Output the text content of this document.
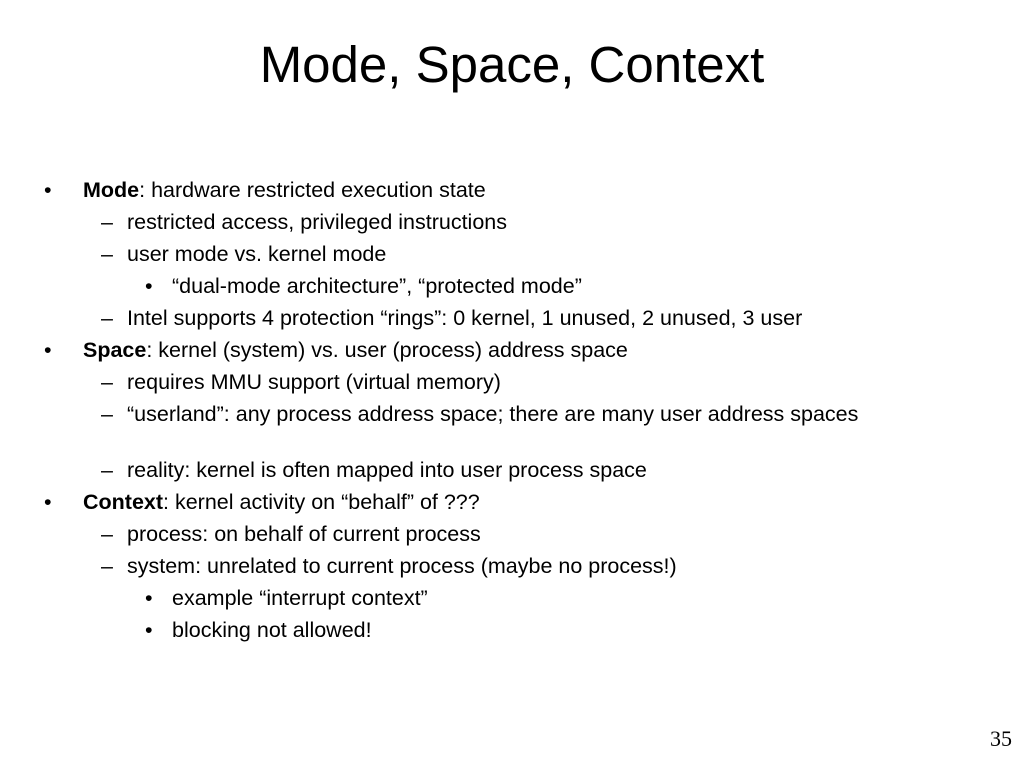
Mode, Space, Context
• Mode: hardware restricted execution state
– restricted access, privileged instructions
– user mode vs. kernel mode
• “dual-mode architecture”, “protected mode”
– Intel supports 4 protection “rings”: 0 kernel, 1 unused, 2 unused, 3 user
• Space: kernel (system) vs. user (process) address space
– requires MMU support (virtual memory)
– “userland”: any process address space; there are many user address spaces
– reality: kernel is often mapped into user process space
• Context: kernel activity on “behalf” of ???
– process: on behalf of current process
– system: unrelated to current process (maybe no process!)
• example “interrupt context”
• blocking not allowed!
35
